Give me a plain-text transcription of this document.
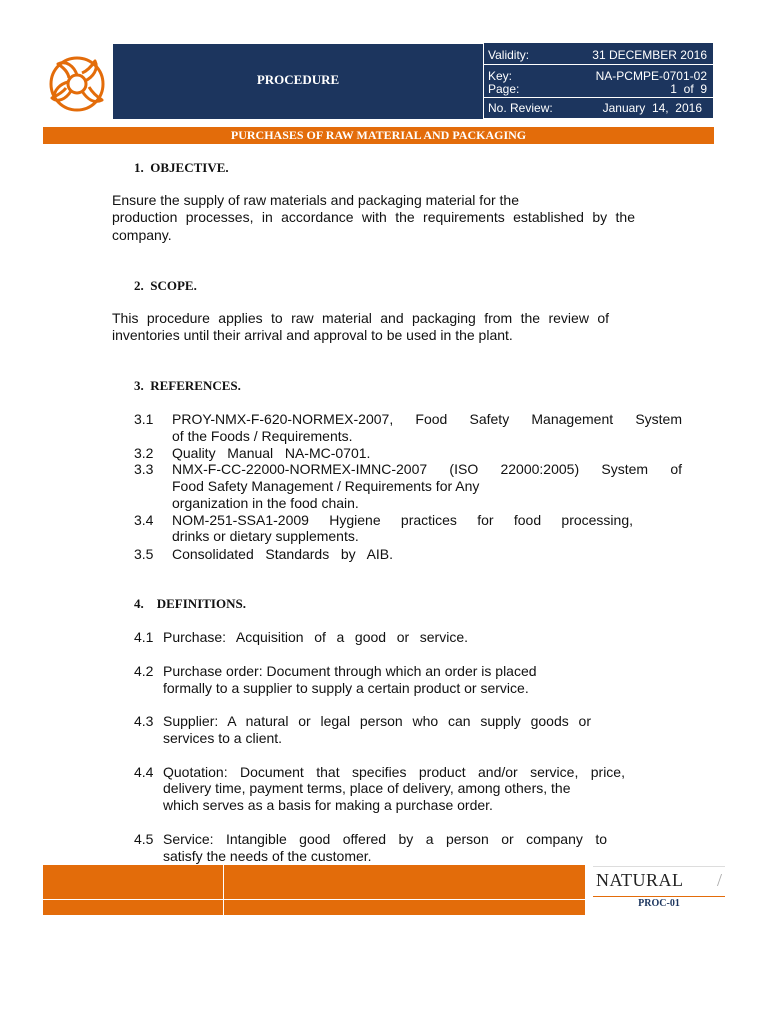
PROCEDURE
Validity:	31 DECEMBER 2016
Key:	NA-PCMPE-0701-02
Page:	1  of  9
No. Review:	January  14,  2016
PURCHASES OF RAW MATERIAL AND PACKAGING
1.  OBJECTIVE.
Ensure the supply of raw materials and packaging material for the
production processes, in accordance with the requirements established by the
company.
2.  SCOPE.
This procedure applies to raw material and packaging from the review of
inventories until their arrival and approval to be used in the plant.
3.  REFERENCES.
3.1 PROY-NMX-F-620-NORMEX-2007, Food Safety Management System
of the Foods / Requirements.
3.2 Quality   Manual   NA-MC-0701.
3.3 NMX-F-CC-22000-NORMEX-IMNC-2007 (ISO 22000:2005) System of
Food Safety Management / Requirements for Any
organization in the food chain.
3.4 NOM-251-SSA1-2009 Hygiene practices for food processing,
drinks or dietary supplements.
3.5 Consolidated   Standards   by   AIB.
4.    DEFINITIONS.
4.1 Purchase: Acquisition of a good or service.
4.2 Purchase order: Document through which an order is placed
formally to a supplier to supply a certain product or service.
4.3 Supplier: A natural or legal person who can supply goods or
services to a client.
4.4 Quotation: Document that specifies product and/or service, price,
delivery time, payment terms, place of delivery, among others, the
which serves as a basis for making a purchase order.
4.5 Service: Intangible good offered by a person or company to
satisfy the needs of the customer.
NATURAL /
PROC-01
